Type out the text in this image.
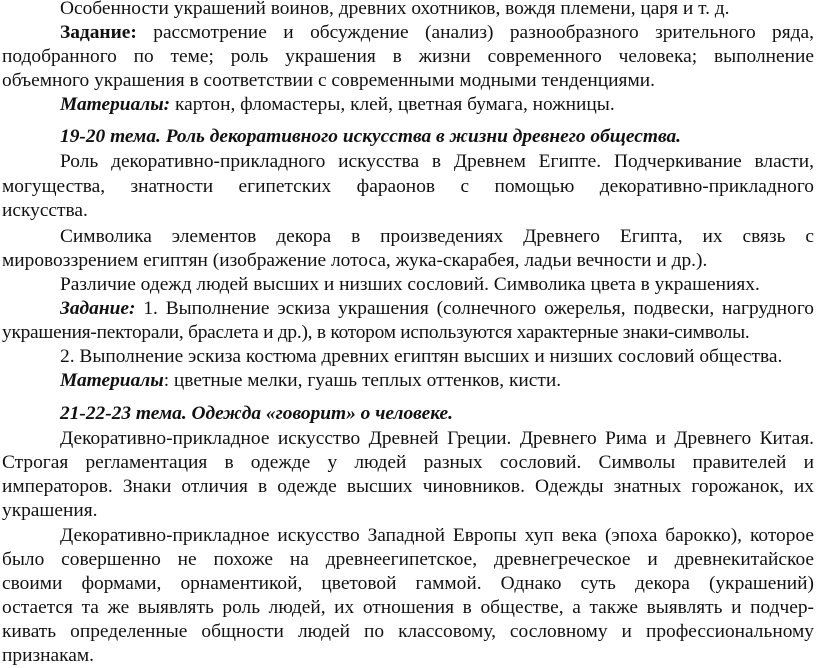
Особенности украшений воинов, древних охотников, вождя племени, царя и т. д.
Задание: рассмотрение и обсуждение (анализ) разнообразного зрительного ряда,
подобранного по теме; роль украшения в жизни современного человека; выполнение
объемного украшения в соответствии с современными модными тенденциями.
Материалы: картон, фломастеры, клей, цветная бумага, ножницы.
19-20 тема. Роль декоративного искусства в жизни древнего общества.
Роль декоративно-прикладного искусства в Древнем Египте. Подчеркивание власти,
могущества, знатности египетских фараонов с помощью декоративно-прикладного
искусства.
Символика элементов декора в произведениях Древнего Египта, их связь с
мировоззрением египтян (изображение лотоса, жука-скарабея, ладьи вечности и др.).
Различие одежд людей высших и низших сословий. Символика цвета в украшениях.
Задание: 1. Выполнение эскиза украшения (солнечного ожерелья, подвески, нагрудного
украшения-пекторали, браслета и др.), в котором используются характерные знаки-символы.
2. Выполнение эскиза костюма древних египтян высших и низших сословий общества.
Материалы: цветные мелки, гуашь теплых оттенков, кисти.
21-22-23 тема. Одежда «говорит» о человеке.
Декоративно-прикладное искусство Древней Греции. Древнего Рима и Древнего Китая.
Строгая регламентация в одежде у людей разных сословий. Символы правителей и
императоров. Знаки отличия в одежде высших чиновников. Одежды знатных горожанок, их
украшения.
Декоративно-прикладное искусство Западной Европы хуп века (эпоха барокко), которое
было совершенно не похоже на древнеегипетское, древнегреческое и древнекитайское
своими формами, орнаментикой, цветовой гаммой. Однако суть декора (украшений)
остается та же выявлять роль людей, их отношения в обществе, а также выявлять и подчер-
кивать определенные общности людей по классовому, сословному и профессиональному
признакам.
